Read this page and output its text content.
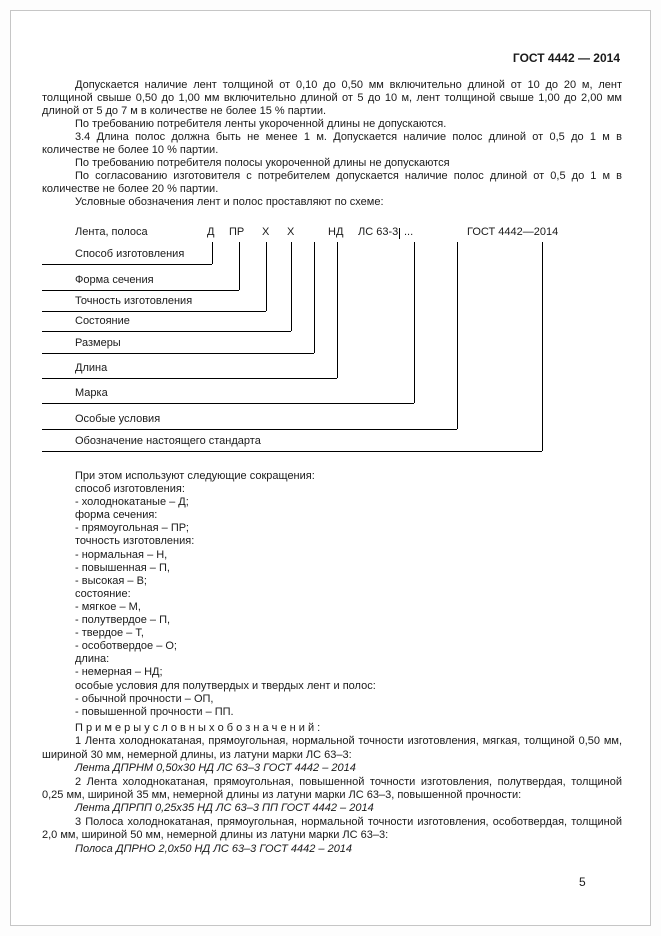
ГОСТ 4442 — 2014

Допускается наличие лент толщиной от 0,10 до 0,50 мм включительно длиной от 10 до 20 м, лент толщиной свыше 0,50 до 1,00 мм включительно длиной от 5 до 10 м, лент толщиной свыше 1,00 до 2,00 мм длиной от 5 до 7 м в количестве не более 15 % партии.

По требованию потребителя ленты укороченной длины не допускаются.

3.4 Длина полос должна быть не менее 1 м. Допускается наличие полос длиной от 0,5 до 1 м в количестве не более 10 % партии.

По требованию потребителя полосы укороченной длины не допускаются

По согласованию изготовителя с потребителем допускается наличие полос длиной от 0,5 до 1 м в количестве не более 20 % партии.

Условные обозначения лент и полос проставляют по схеме:

Лента, полоса	Д ПР Х Х	НД ЛС 63-3 ...	ГОСТ 4442—2014
Способ изготовления
Форма сечения
Точность изготовления
Состояние
Размеры
Длина
Марка
Особые условия
Обозначение настоящего стандарта
При этом используют следующие сокращения:
способ изготовления:
- холоднокатаные – Д;
форма сечения:
- прямоугольная – ПР;
точность изготовления:
- нормальная – Н,
- повышенная – П,
- высокая – В;
состояние:
- мягкое – М,
- полутвердое – П,
- твердое – Т,
- особотвердое – О;
длина:
- немерная – НД;
особые условия для полутвердых и твердых лент и полос:
- обычной прочности – ОП,
- повышенной прочности – ПП.

П р и м е р ы у с л о в н ы х о б о з н а ч е н и й :

1 Лента холоднокатаная, прямоугольная, нормальной точности изготовления, мягкая, толщиной 0,50 мм, шириной 30 мм, немерной длины, из латуни марки ЛС 63–3:

Лента ДПРНМ 0,50х30 НД ЛС 63–3 ГОСТ 4442 – 2014

2 Лента холоднокатаная, прямоугольная, повышенной точности изготовления, полутвердая, толщиной 0,25 мм, шириной 35 мм, немерной длины из латуни марки ЛС 63–3, повышенной прочности:

Лента ДПРПП 0,25х35 НД ЛС 63–3 ПП ГОСТ 4442 – 2014

3 Полоса холоднокатаная, прямоугольная, нормальной точности изготовления, особотвердая, толщиной 2,0 мм, шириной 50 мм, немерной длины из латуни марки ЛС 63–3:

Полоса ДПРНО 2,0х50 НД ЛС 63–3 ГОСТ 4442 – 2014

5
